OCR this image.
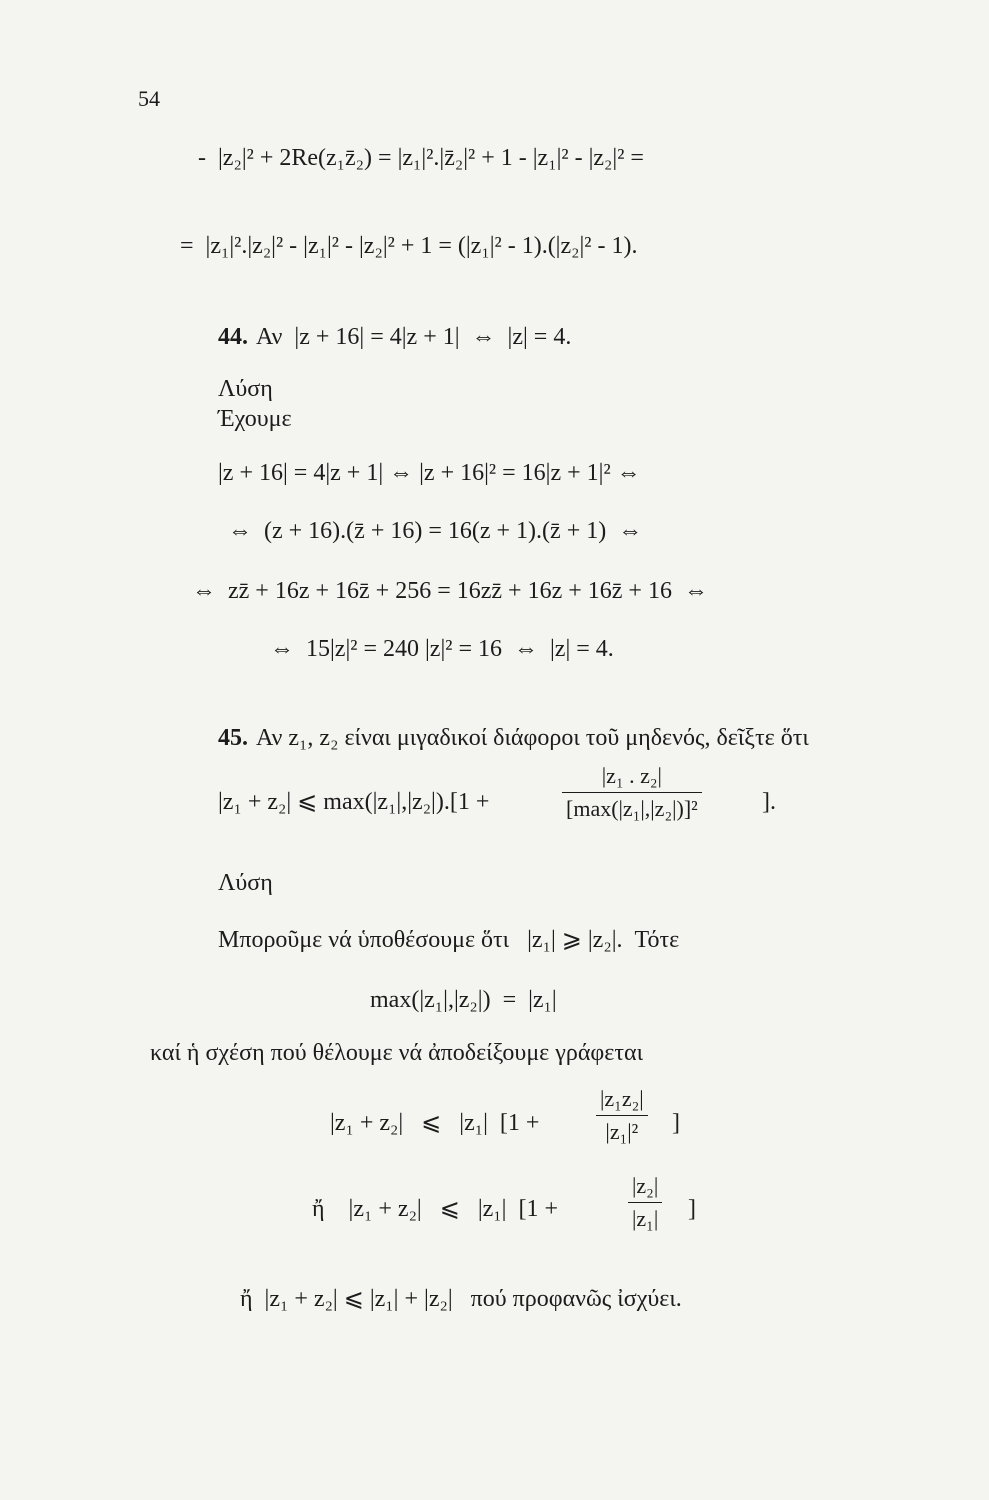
54
-  |z₂|² + 2Re(z₁z̄₂) = |z₁|².|z̄₂|² + 1 - |z₁|² - |z₂|² =
=  |z₁|².|z₂|² - |z₁|² - |z₂|² + 1 = (|z₁|² - 1).(|z₂|² - 1).
44. Αν  |z + 16| = 4|z + 1|  ⇔  |z| = 4.
Λύση
Έχουμε
|z + 16| = 4|z + 1| ⇔ |z + 16|² = 16|z + 1|² ⇔
⇔  (z + 16).(z̄ + 16) = 16(z + 1).(z̄ + 1)  ⇔
⇔  zz̄ + 16z + 16z̄ + 256 = 16zz̄ + 16z + 16z̄ + 16  ⇔
⇔  15|z|² = 240 |z|² = 16  ⇔  |z| = 4.
45. Αν z₁, z₂ είναι μιγαδικοί διάφοροι τοῦ μηδενός, δεῖξτε ὅτι
|z₁ + z₂| ⩽ max(|z₁|,|z₂|).[1 +
|z₁ . z₂|
[max(|z₁|,|z₂|)]²	].
Λύση
Μποροῦμε νά ὑποθέσουμε ὅτι   |z₁| ⩾ |z₂|.  Τότε
max(|z₁|,|z₂|)  =  |z₁|
καί ἡ σχέση πού θέλουμε νά ἀποδείξουμε γράφεται
|z₁ + z₂|   ⩽   |z₁|  [1 +
|z₁z₂|
|z₁|² ]
ἤ    |z₁ + z₂|   ⩽   |z₁|  [1 +
|z₂|
|z₁| ]
ἤ  |z₁ + z₂| ⩽ |z₁| + |z₂|   πού προφανῶς ἰσχύει.
